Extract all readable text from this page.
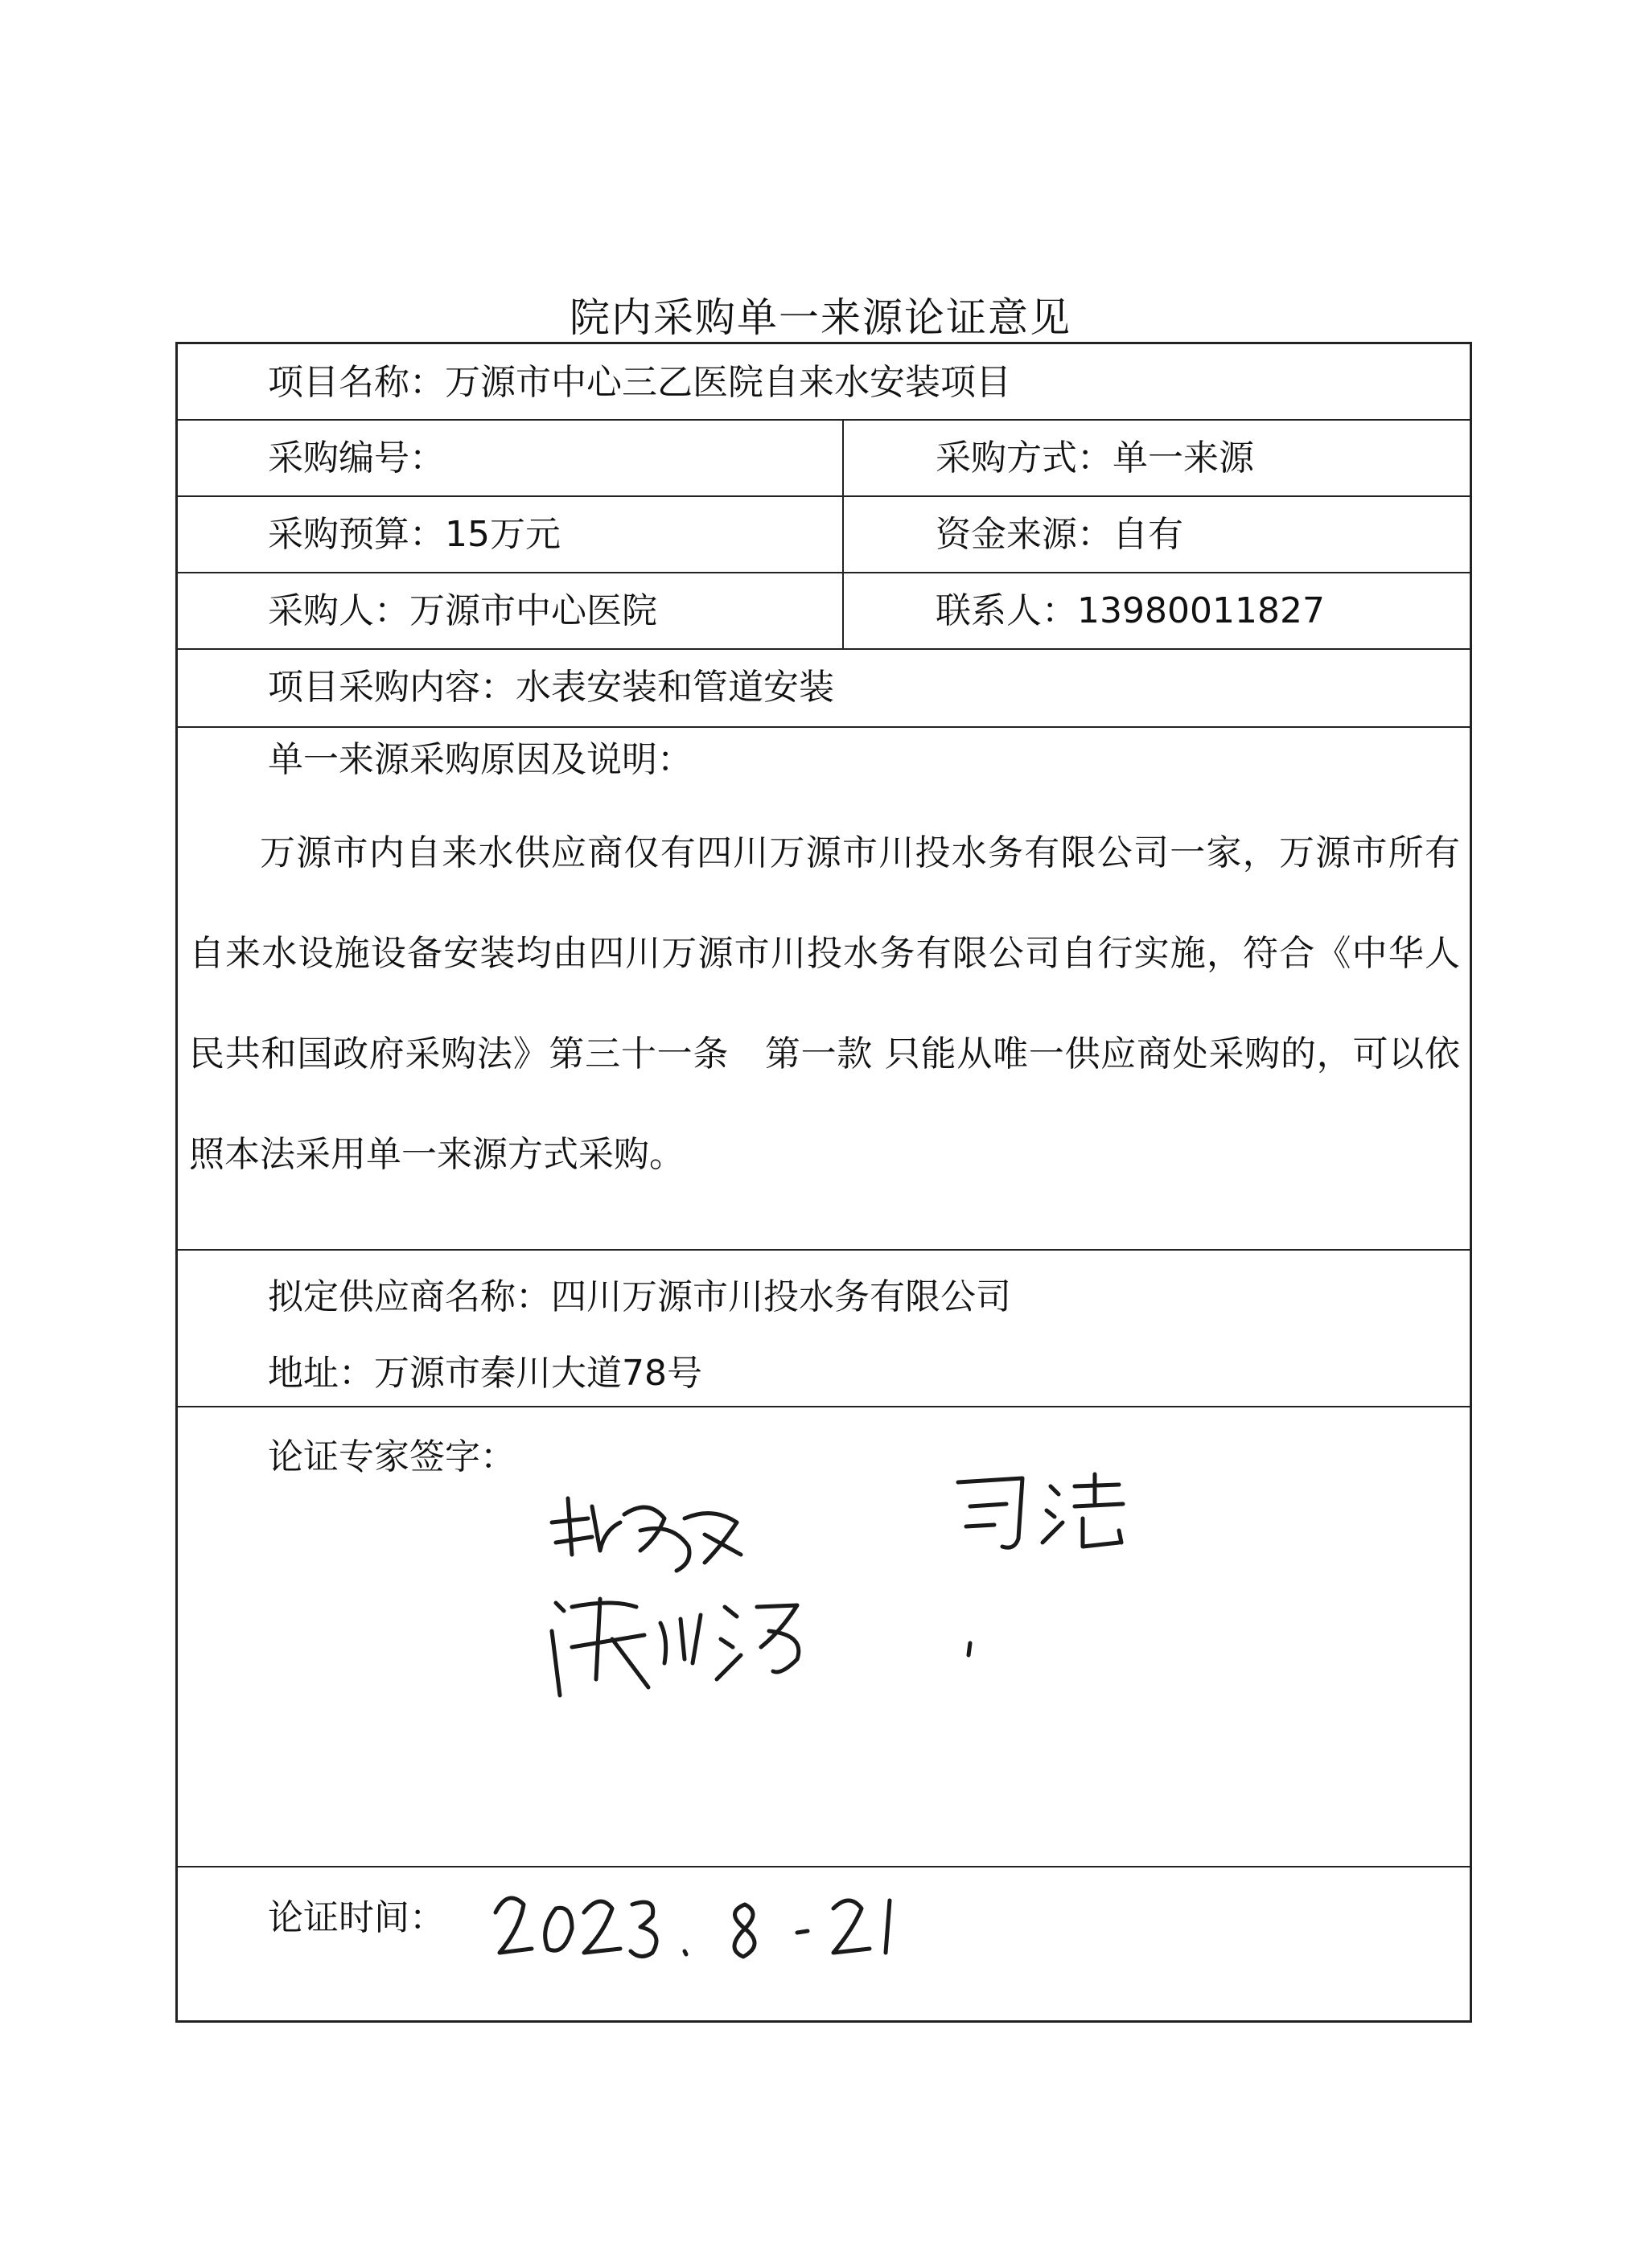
院内采购单一来源论证意见
项目名称：万源市中心三乙医院自来水安装项目
采购编号：	采购方式：单一来源
采购预算：15万元	资金来源：自有
采购人：万源市中心医院	联系人：13980011827
项目采购内容：水表安装和管道安装
单一来源采购原因及说明：
万源市内自来水供应商仅有四川万源市川投水务有限公司一家，万源市所有自来水设施设备安装均由四川万源市川投水务有限公司自行实施，符合《中华人民共和国政府采购法》第三十一条　第一款 只能从唯一供应商处采购的，可以依照本法采用单一来源方式采购。
拟定供应商名称：四川万源市川投水务有限公司
地址：万源市秦川大道78号
论证专家签字：
论证时间：
